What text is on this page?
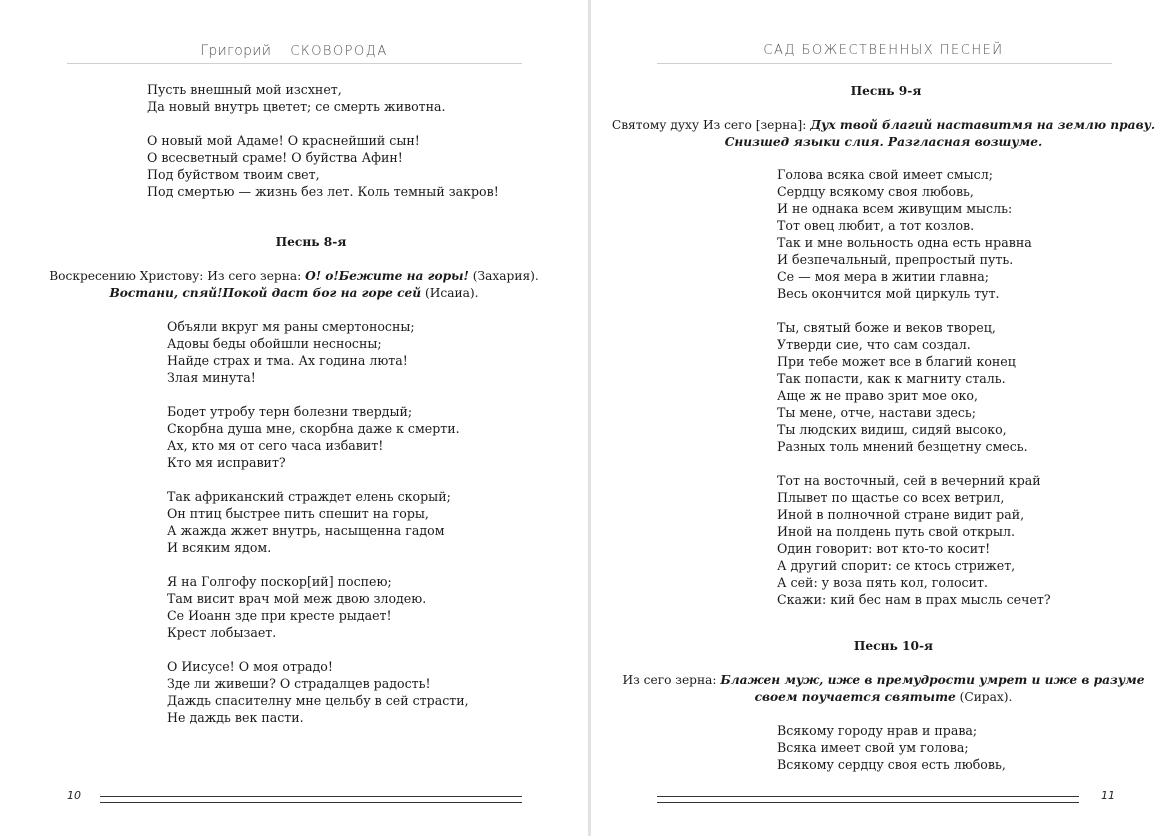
Григорий СКОВОРОДА
Пусть внешный мой изсхнет,
Да новый внутрь цветет; се смерть животна.
О новый мой Адаме! О краснейший сын!
О всесветный сраме! О буйства Афин!
Под буйством твоим свет,
Под смертью — жизнь без лет. Коль темный закров!
Песнь 8-я
Воскресению Христову: Из сего зерна: О! о!Бежите на горы! (Захария).
Востани, спяй!Покой даст бог на горе сей (Исаиа).
Объяли вкруг мя раны смертоносны;
Адовы беды обойшли несносны;
Найде страх и тма. Ах година люта!
Злая минута!
Бодет утробу терн болезни твердый;
Скорбна душа мне, скорбна даже к смерти.
Ах, кто мя от сего часа избавит!
Кто мя исправит?
Так африканский страждет елень скорый;
Он птиц быстрее пить спешит на горы,
А жажда жжет внутрь, насыщенна гадом
И всяким ядом.
Я на Голгофу поскор[ий] поспею;
Там висит врач мой меж двою злодею.
Се Иоанн зде при кресте рыдает!
Крест лобызает.
О Иисусе! О моя отрадо!
Зде ли живеши? О страдалцев радость!
Даждь спасителну мне цельбу в сей страсти,
Не даждь век пасти.
10
САД БОЖЕСТВЕННЫХ ПЕСНЕЙ
Песнь 9-я
Святому духу Из сего [зерна]: Дух твой благий наставитмя на землю праву.
Снизшед языки слия. Разгласная возшуме.
Голова всяка свой имеет смысл;
Сердцу всякому своя любовь,
И не однака всем живущим мысль:
Тот овец любит, а тот козлов.
Так и мне вольность одна есть нравна
И безпечальный, препростый путь.
Се — моя мера в житии главна;
Весь окончится мой циркуль тут.
Ты, святый боже и веков творец,
Утверди сие, что сам создал.
При тебе может все в благий конец
Так попасти, как к магниту сталь.
Аще ж не право зрит мое око,
Ты мене, отче, настави здесь;
Ты людских видиш, сидяй высоко,
Разных толь мнений безщетну смесь.
Тот на восточный, сей в вечерний край
Плывет по щастье со всех ветрил,
Иной в полночной стране видит рай,
Иной на полдень путь свой открыл.
Один говорит: вот кто-то косит!
А другий спорит: се ктось стрижет,
А сей: у воза пять кол, голосит.
Скажи: кий бес нам в прах мысль сечет?
Песнь 10-я
Из сего зерна: Блажен муж, иже в премудрости умрет и иже в разуме
своем поучается святыте (Сирах).
Всякому городу нрав и права;
Всяка имеет свой ум голова;
Всякому сердцу своя есть любовь,
11
